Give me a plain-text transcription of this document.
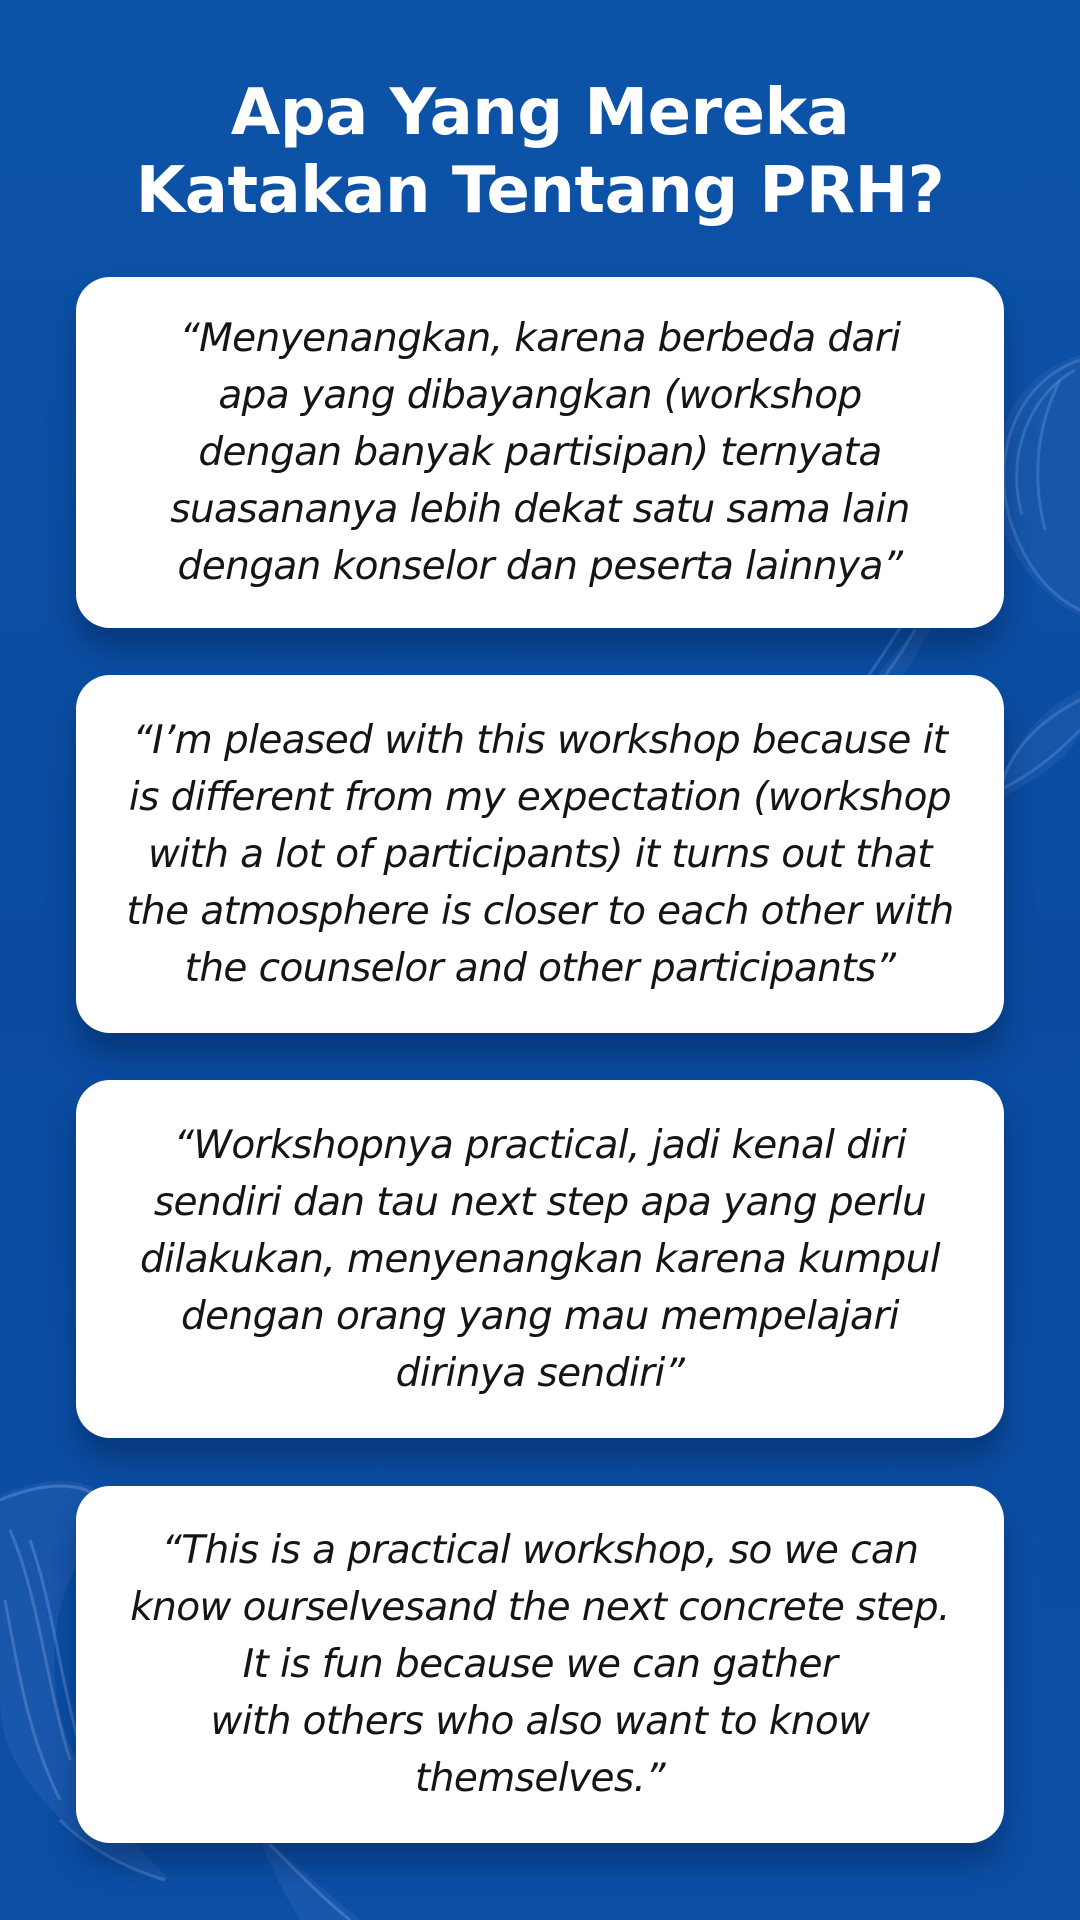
Apa Yang Mereka
Katakan Tentang PRH?

“Menyenangkan, karena berbeda dari
apa yang dibayangkan (workshop
dengan banyak partisipan) ternyata
suasananya lebih dekat satu sama lain
dengan konselor dan peserta lainnya”

“I’m pleased with this workshop because it
is different from my expectation (workshop
with a lot of participants) it turns out that
the atmosphere is closer to each other with
the counselor and other participants”

“Workshopnya practical, jadi kenal diri
sendiri dan tau next step apa yang perlu
dilakukan, menyenangkan karena kumpul
dengan orang yang mau mempelajari
dirinya sendiri”

“This is a practical workshop, so we can
know ourselvesand the next concrete step.
It is fun because we can gather
with others who also want to know
themselves.”
